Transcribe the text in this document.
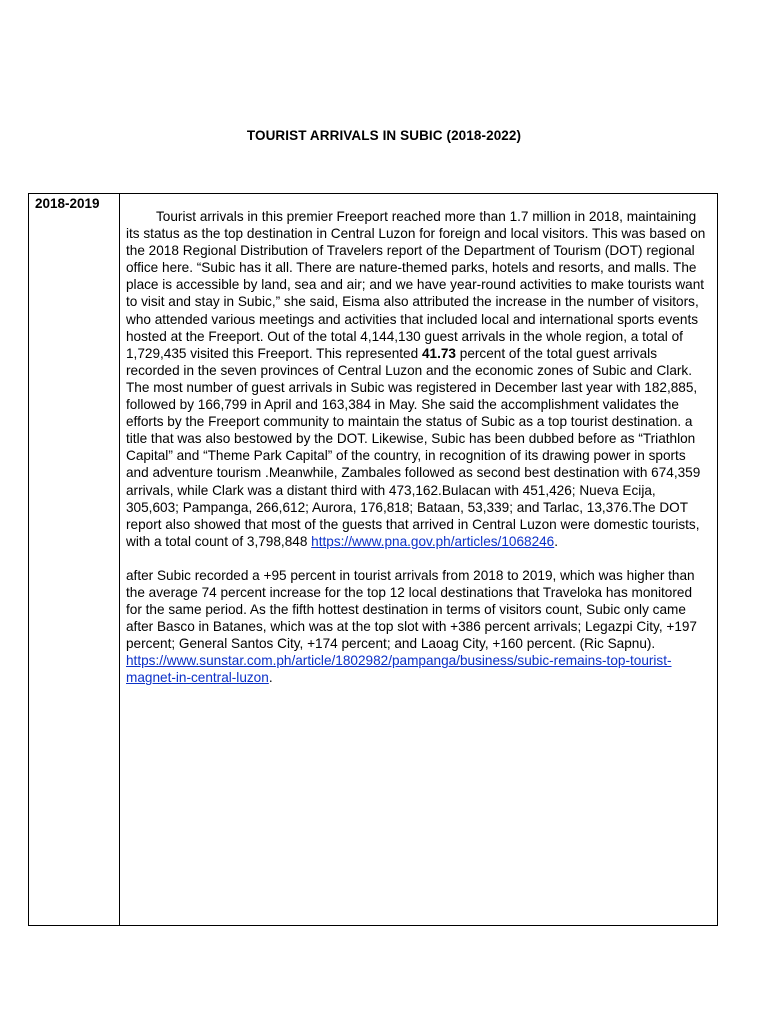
TOURIST ARRIVALS IN SUBIC (2018-2022)
2018-2019

Tourist arrivals in this premier Freeport reached more than 1.7 million in 2018, maintaining its status as the top destination in Central Luzon for foreign and local visitors. This was based on the 2018 Regional Distribution of Travelers report of the Department of Tourism (DOT) regional office here. “Subic has it all. There are nature-themed parks, hotels and resorts, and malls. The place is accessible by land, sea and air; and we have year-round activities to make tourists want to visit and stay in Subic,” she said, Eisma also attributed the increase in the number of visitors, who attended various meetings and activities that included local and international sports events hosted at the Freeport. Out of the total 4,144,130 guest arrivals in the whole region, a total of 1,729,435 visited this Freeport. This represented 41.73 percent of the total guest arrivals recorded in the seven provinces of Central Luzon and the economic zones of Subic and Clark. The most number of guest arrivals in Subic was registered in December last year with 182,885, followed by 166,799 in April and 163,384 in May. She said the accomplishment validates the efforts by the Freeport community to maintain the status of Subic as a top tourist destination. a title that was also bestowed by the DOT. Likewise, Subic has been dubbed before as “Triathlon Capital” and “Theme Park Capital” of the country, in recognition of its drawing power in sports and adventure tourism .Meanwhile, Zambales followed as second best destination with 674,359 arrivals, while Clark was a distant third with 473,162.Bulacan with 451,426; Nueva Ecija, 305,603; Pampanga, 266,612; Aurora, 176,818; Bataan, 53,339; and Tarlac, 13,376.The DOT report also showed that most of the guests that arrived in Central Luzon were domestic tourists, with a total count of 3,798,848 https://www.pna.gov.ph/articles/1068246.

after Subic recorded a +95 percent in tourist arrivals from 2018 to 2019, which was higher than the average 74 percent increase for the top 12 local destinations that Traveloka has monitored for the same period. As the fifth hottest destination in terms of visitors count, Subic only came after Basco in Batanes, which was at the top slot with +386 percent arrivals; Legazpi City, +197 percent; General Santos City, +174 percent; and Laoag City, +160 percent. (Ric Sapnu). https://www.sunstar.com.ph/article/1802982/pampanga/business/subic-remains-top-tourist-magnet-in-central-luzon.
